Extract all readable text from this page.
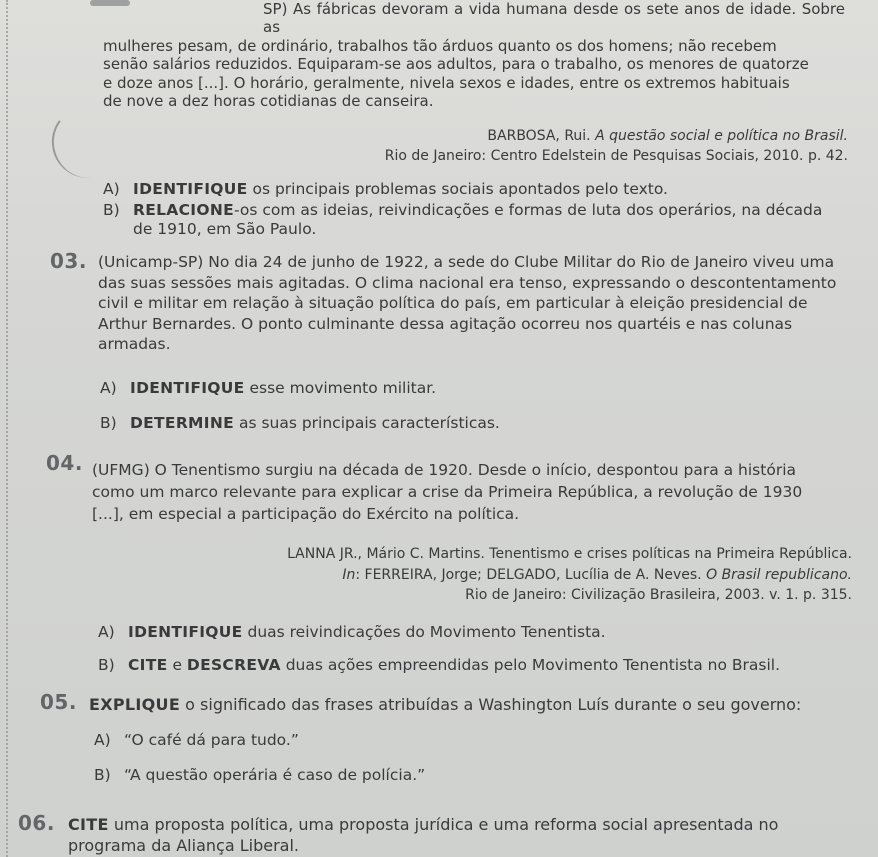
SP) As fábricas devoram a vida humana desde os sete anos de idade. Sobre as
mulheres pesam, de ordinário, trabalhos tão árduos quanto os dos homens; não recebem
senão salários reduzidos. Equiparam-se aos adultos, para o trabalho, os menores de quatorze
e doze anos [...]. O horário, geralmente, nivela sexos e idades, entre os extremos habituais
de nove a dez horas cotidianas de canseira.

BARBOSA, Rui. A questão social e política no Brasil.
Rio de Janeiro: Centro Edelstein de Pesquisas Sociais, 2010. p. 42.

A) IDENTIFIQUE os principais problemas sociais apontados pelo texto.

B) RELACIONE-os com as ideias, reivindicações e formas de luta dos operários, na década
de 1910, em São Paulo.

03. (Unicamp-SP) No dia 24 de junho de 1922, a sede do Clube Militar do Rio de Janeiro viveu uma
das suas sessões mais agitadas. O clima nacional era tenso, expressando o descontentamento
civil e militar em relação à situação política do país, em particular à eleição presidencial de
Arthur Bernardes. O ponto culminante dessa agitação ocorreu nos quartéis e nas colunas
armadas.

A) IDENTIFIQUE esse movimento militar.

B) DETERMINE as suas principais características.

04. (UFMG) O Tenentismo surgiu na década de 1920. Desde o início, despontou para a história
como um marco relevante para explicar a crise da Primeira República, a revolução de 1930
[...], em especial a participação do Exército na política.

LANNA JR., Mário C. Martins. Tenentismo e crises políticas na Primeira República.
In: FERREIRA, Jorge; DELGADO, Lucília de A. Neves. O Brasil republicano.
Rio de Janeiro: Civilização Brasileira, 2003. v. 1. p. 315.

A) IDENTIFIQUE duas reivindicações do Movimento Tenentista.

B) CITE e DESCREVA duas ações empreendidas pelo Movimento Tenentista no Brasil.

05. EXPLIQUE o significado das frases atribuídas a Washington Luís durante o seu governo:

A) “O café dá para tudo.”

B) “A questão operária é caso de polícia.”

06. CITE uma proposta política, uma proposta jurídica e uma reforma social apresentada no
programa da Aliança Liberal.
